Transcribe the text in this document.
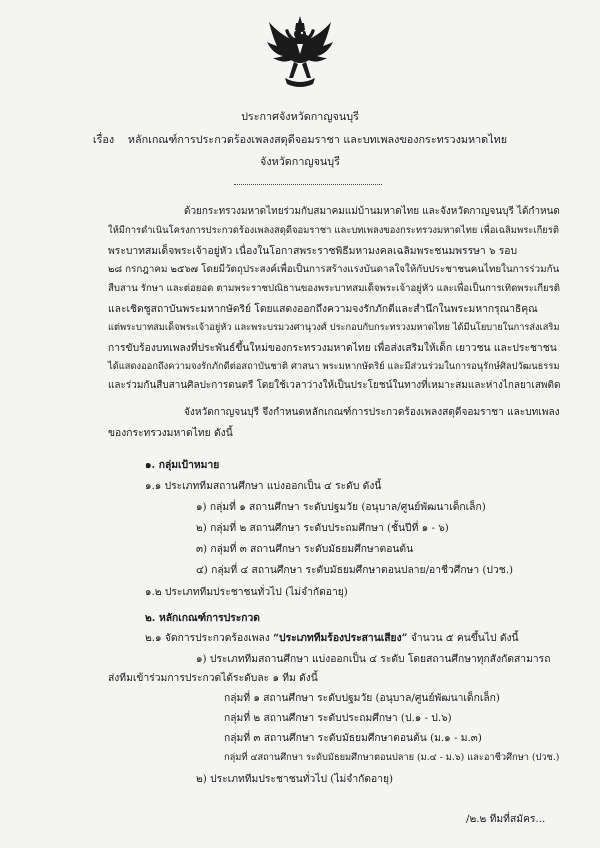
ประกาศจังหวัดกาญจนบุรี
เรื่อง หลักเกณฑ์การประกวดร้องเพลงสดุดีจอมราชา และบทเพลงของกระทรวงมหาดไทย
จังหวัดกาญจนบุรี
ด้วยกระทรวงมหาดไทยร่วมกับสมาคมแม่บ้านมหาดไทย และจังหวัดกาญจนบุรี ได้กำหนด
ให้มีการดำเนินโครงการประกวดร้องเพลงสดุดีจอมราชา และบทเพลงของกระทรวงมหาดไทย เพื่อเฉลิมพระเกียรติ
พระบาทสมเด็จพระเจ้าอยู่หัว เนื่องในโอกาสพระราชพิธีมหามงคลเฉลิมพระชนมพรรษา ๖ รอบ
๒๘ กรกฎาคม ๒๕๖๗ โดยมีวัตถุประสงค์เพื่อเป็นการสร้างแรงบันดาลใจให้กับประชาชนคนไทยในการร่วมกัน
สืบสาน รักษา และต่อยอด ตามพระราชปณิธานของพระบาทสมเด็จพระเจ้าอยู่หัว และเพื่อเป็นการเทิดพระเกียรติ
และเชิดชูสถาบันพระมหากษัตริย์ โดยแสดงออกถึงความจงรักภักดีและสำนึกในพระมหากรุณาธิคุณ
แต่พระบาทสมเด็จพระเจ้าอยู่หัว และพระบรมวงศานุวงศ์ ประกอบกับกระทรวงมหาดไทย ได้มีนโยบายในการส่งเสริม
การขับร้องบทเพลงที่ประพันธ์ขึ้นใหม่ของกระทรวงมหาดไทย เพื่อส่งเสริมให้เด็ก เยาวชน และประชาชน
ได้แสดงออกถึงความจงรักภักดีต่อสถาบันชาติ ศาสนา พระมหากษัตริย์ และมีส่วนร่วมในการอนุรักษ์ศิลปวัฒนธรรม
และร่วมกันสืบสานศิลปะการดนตรี โดยใช้เวลาว่างให้เป็นประโยชน์ในทางที่เหมาะสมและห่างไกลยาเสพติด
จังหวัดกาญจนบุรี จึงกำหนดหลักเกณฑ์การประกวดร้องเพลงสดุดีจอมราชา และบทเพลง
ของกระทรวงมหาดไทย ดังนี้
๑. กลุ่มเป้าหมาย
๑.๑ ประเภททีมสถานศึกษา แบ่งออกเป็น ๔ ระดับ ดังนี้
๑) กลุ่มที่ ๑ สถานศึกษา ระดับปฐมวัย (อนุบาล/ศูนย์พัฒนาเด็กเล็ก)
๒) กลุ่มที่ ๒ สถานศึกษา ระดับประถมศึกษา (ชั้นปีที่ ๑ - ๖)
๓) กลุ่มที่ ๓ สถานศึกษา ระดับมัธยมศึกษาตอนต้น
๔) กลุ่มที่ ๔ สถานศึกษา ระดับมัธยมศึกษาตอนปลาย/อาชีวศึกษา (ปวช.)
๑.๒ ประเภททีมประชาชนทั่วไป (ไม่จำกัดอายุ)
๒. หลักเกณฑ์การประกวด
๒.๑ จัดการประกวดร้องเพลง “ประเภททีมร้องประสานเสียง” จำนวน ๕ คนขึ้นไป ดังนี้
๑) ประเภททีมสถานศึกษา แบ่งออกเป็น ๔ ระดับ โดยสถานศึกษาทุกสังกัดสามารถ
ส่งทีมเข้าร่วมการประกวดได้ระดับละ ๑ ทีม ดังนี้
กลุ่มที่ ๑ สถานศึกษา ระดับปฐมวัย (อนุบาล/ศูนย์พัฒนาเด็กเล็ก)
กลุ่มที่ ๒ สถานศึกษา ระดับประถมศึกษา (ป.๑ - ป.๖)
กลุ่มที่ ๓ สถานศึกษา ระดับมัธยมศึกษาตอนต้น (ม.๑ - ม.๓)
กลุ่มที่ ๔สถานศึกษา ระดับมัธยมศึกษาตอนปลาย (ม.๔ - ม.๖) และอาชีวศึกษา (ปวช.)
๒) ประเภททีมประชาชนทั่วไป (ไม่จำกัดอายุ)
/๒.๒ ทีมที่สมัคร...
